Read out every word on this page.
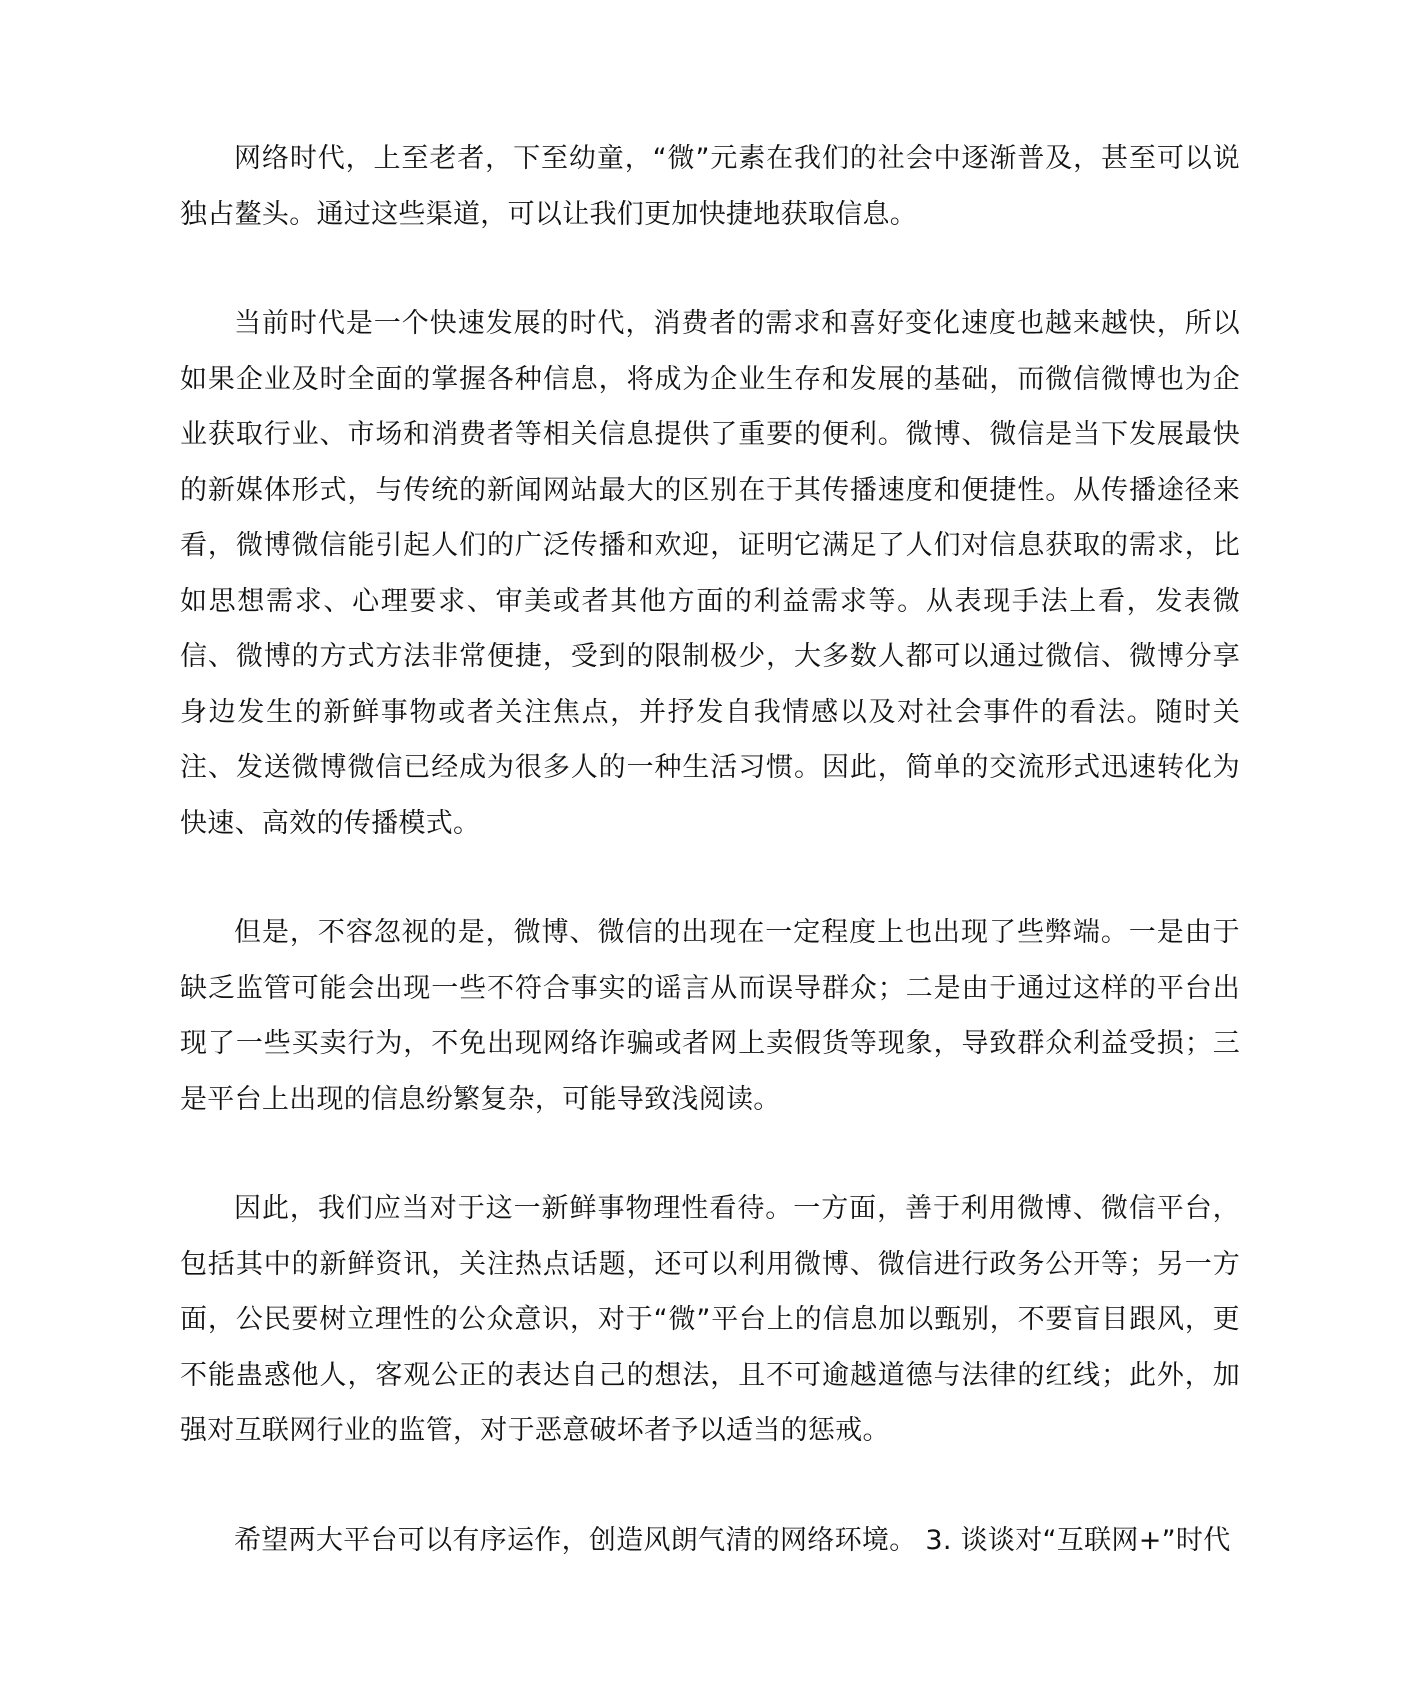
网络时代，上至老者，下至幼童，“微”元素在我们的社会中逐渐普及，甚至可以说独占鳌头。通过这些渠道，可以让我们更加快捷地获取信息。

当前时代是一个快速发展的时代，消费者的需求和喜好变化速度也越来越快，所以如果企业及时全面的掌握各种信息，将成为企业生存和发展的基础，而微信微博也为企业获取行业、市场和消费者等相关信息提供了重要的便利。微博、微信是当下发展最快的新媒体形式，与传统的新闻网站最大的区别在于其传播速度和便捷性。从传播途径来看，微博微信能引起人们的广泛传播和欢迎，证明它满足了人们对信息获取的需求，比如思想需求、心理要求、审美或者其他方面的利益需求等。从表现手法上看，发表微信、微博的方式方法非常便捷，受到的限制极少，大多数人都可以通过微信、微博分享身边发生的新鲜事物或者关注焦点，并抒发自我情感以及对社会事件的看法。随时关注、发送微博微信已经成为很多人的一种生活习惯。因此，简单的交流形式迅速转化为快速、高效的传播模式。

但是，不容忽视的是，微博、微信的出现在一定程度上也出现了些弊端。一是由于缺乏监管可能会出现一些不符合事实的谣言从而误导群众；二是由于通过这样的平台出现了一些买卖行为，不免出现网络诈骗或者网上卖假货等现象，导致群众利益受损；三是平台上出现的信息纷繁复杂，可能导致浅阅读。

因此，我们应当对于这一新鲜事物理性看待。一方面，善于利用微博、微信平台，包括其中的新鲜资讯，关注热点话题，还可以利用微博、微信进行政务公开等；另一方面，公民要树立理性的公众意识，对于“微”平台上的信息加以甄别，不要盲目跟风，更不能蛊惑他人，客观公正的表达自己的想法，且不可逾越道德与法律的红线；此外，加强对互联网行业的监管，对于恶意破坏者予以适当的惩戒。

希望两大平台可以有序运作，创造风朗气清的网络环境。 3. 谈谈对“互联网+”时代
